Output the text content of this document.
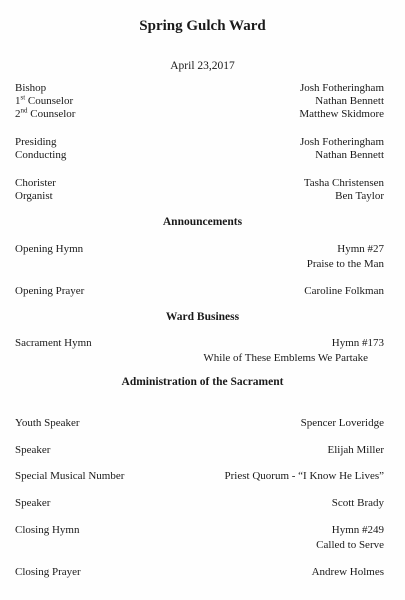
Spring Gulch Ward
April 23,2017
Bishop	Josh Fotheringham
1st Counselor	Nathan Bennett
2nd Counselor	Matthew Skidmore
Presiding	Josh Fotheringham
Conducting	Nathan Bennett
Chorister	Tasha Christensen
Organist	Ben Taylor
Announcements
Opening Hymn	Hymn #27
Praise to the Man
Opening Prayer	Caroline Folkman
Ward Business
Sacrament Hymn	Hymn #173
While of These Emblems We Partake
Administration of the Sacrament
Youth Speaker	Spencer Loveridge
Speaker	Elijah Miller
Special Musical Number	Priest Quorum - “I Know He Lives”
Speaker	Scott Brady
Closing Hymn	Hymn #249
Called to Serve
Closing Prayer	Andrew Holmes
